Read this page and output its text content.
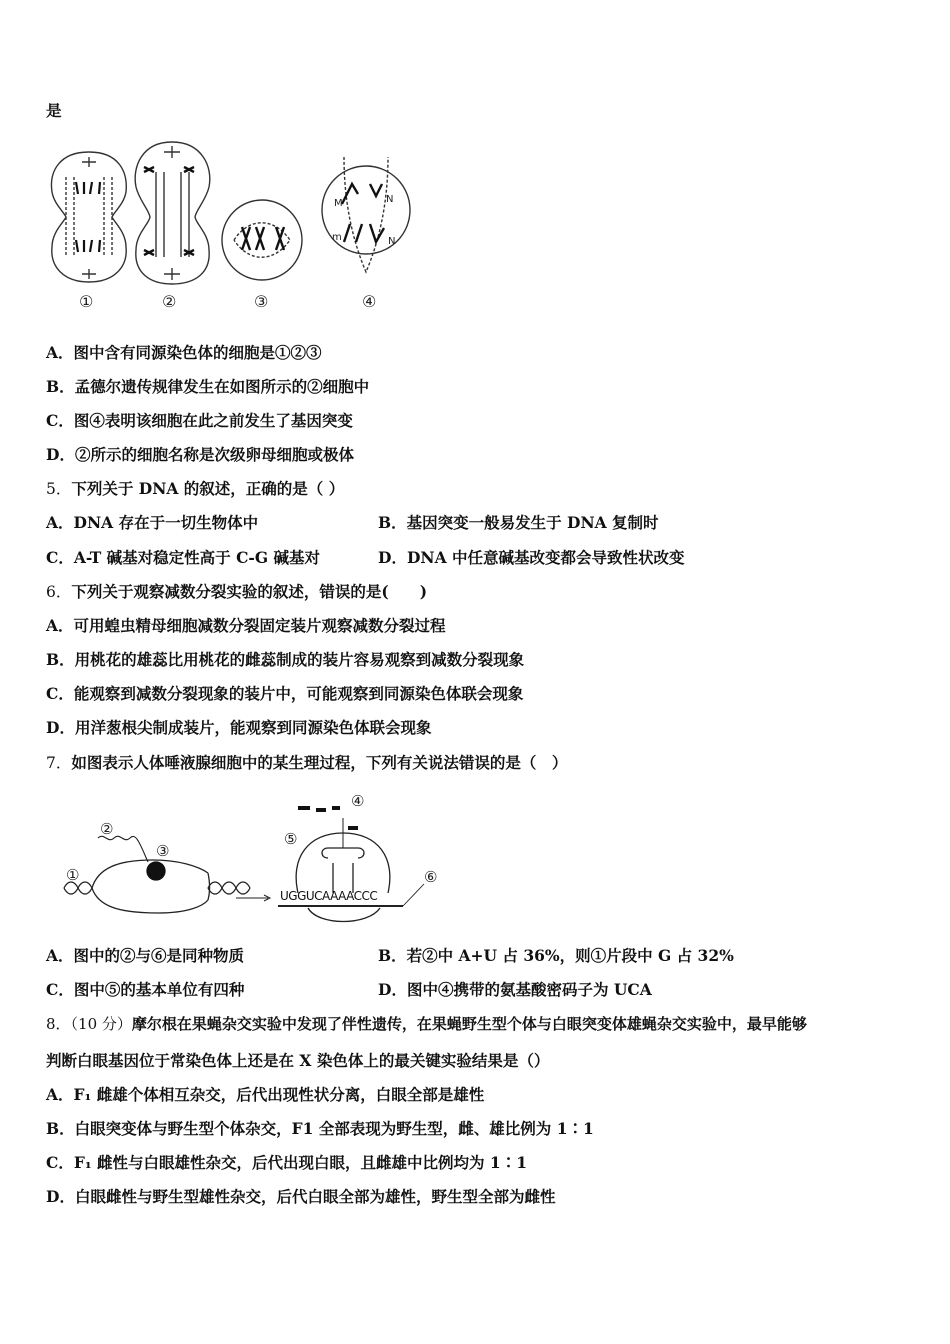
是
M	N
m	N
①	②	③	④
A．图中含有同源染色体的细胞是①②③
B．孟德尔遗传规律发生在如图所示的②细胞中
C．图④表明该细胞在此之前发生了基因突变
D．②所示的细胞名称是次级卵母细胞或极体
5．下列关于 DNA 的叙述，正确的是（ ）
A．DNA 存在于一切生物体中	B．基因突变一般易发生于 DNA 复制时
C．A-T 碱基对稳定性高于 C-G 碱基对	D．DNA 中任意碱基改变都会导致性状改变
6．下列关于观察减数分裂实验的叙述，错误的是(　　)
A．可用蝗虫精母细胞减数分裂固定装片观察减数分裂过程
B．用桃花的雄蕊比用桃花的雌蕊制成的装片容易观察到减数分裂现象
C．能观察到减数分裂现象的装片中，可能观察到同源染色体联会现象
D．用洋葱根尖制成装片，能观察到同源染色体联会现象
7．如图表示人体唾液腺细胞中的某生理过程，下列有关说法错误的是（　）
UGGUCAAAACCC
①
②
③
④
⑤
⑥
A．图中的②与⑥是同种物质	B．若②中 A+U 占 36%，则①片段中 G 占 32%
C．图中⑤的基本单位有四种	D．图中④携带的氨基酸密码子为 UCA
8．（10 分）摩尔根在果蝇杂交实验中发现了伴性遗传，在果蝇野生型个体与白眼突变体雄蝇杂交实验中，最早能够
判断白眼基因位于常染色体上还是在 X 染色体上的最关键实验结果是（）
A．F₁ 雌雄个体相互杂交，后代出现性状分离，白眼全部是雄性
B．白眼突变体与野生型个体杂交，F1 全部表现为野生型，雌、雄比例为 1∶1
C．F₁ 雌性与白眼雄性杂交，后代出现白眼，且雌雄中比例均为 1∶1
D．白眼雌性与野生型雄性杂交，后代白眼全部为雄性，野生型全部为雌性
